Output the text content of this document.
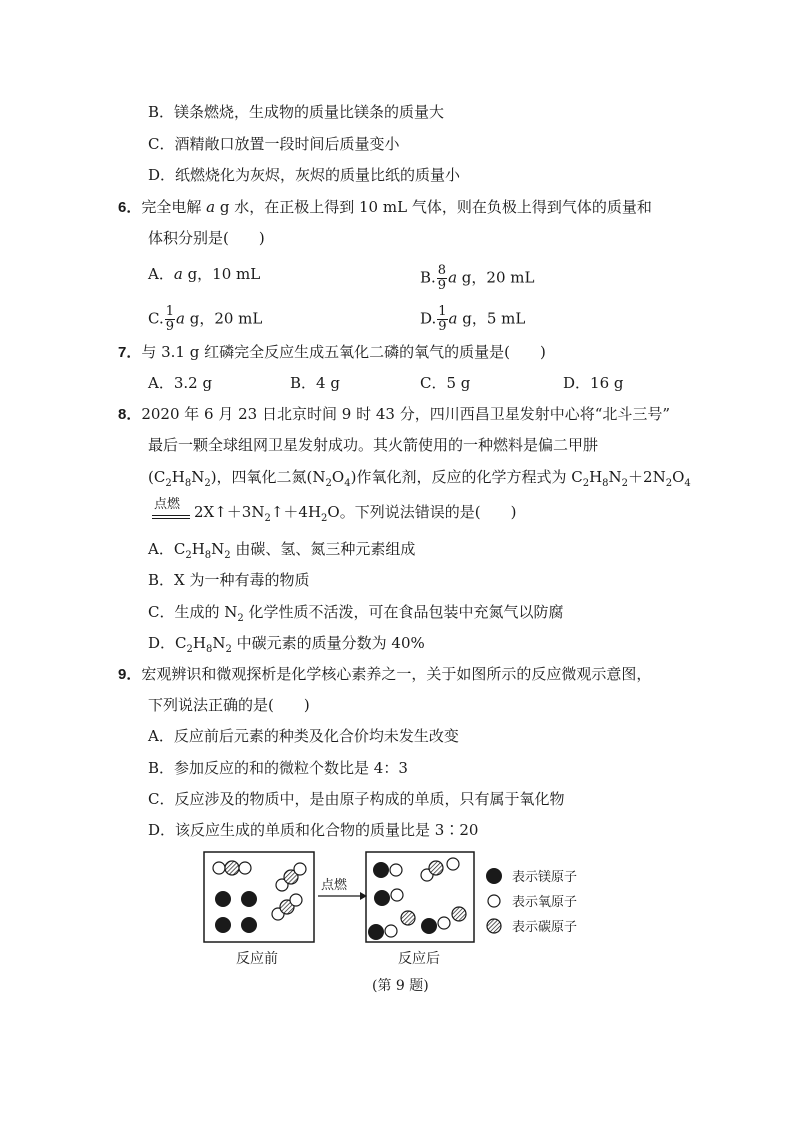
B．镁条燃烧，生成物的质量比镁条的质量大
C．酒精敞口放置一段时间后质量变小
D．纸燃烧化为灰烬，灰烬的质量比纸的质量小
6．完全电解 a g 水，在正极上得到 10 mL 气体，则在负极上得到气体的质量和
体积分别是(　　)
A．a g，10 mL	B. $\frac{8}{9}$ a g，20 mL
C. $\frac{1}{9}$ a g，20 mL	D. $\frac{1}{9}$ a g，5 mL
7．与 3.1 g 红磷完全反应生成五氧化二磷的氧气的质量是(　　)
A．3.2 g	B．4 g	C．5 g	D．16 g
8．2020 年 6 月 23 日北京时间 9 时 43 分，四川西昌卫星发射中心将“北斗三号”
最后一颗全球组网卫星发射成功。其火箭使用的一种燃料是偏二甲肼
$(C_2H_8N_2)$，四氧化二氮$(N_2O_4)$作氧化剂，反应的化学方程式为 $C_2H_8N_2+2N_2O_4$
点燃 $2X↑+3N_2↑+4H_2O$。下列说法错误的是(　　)
A．$C_2H_8N_2$ 由碳、氢、氮三种元素组成
B．X 为一种有毒的物质
C．生成的 $N_2$ 化学性质不活泼，可在食品包装中充氮气以防腐
D．$C_2H_8N_2$ 中碳元素的质量分数为 40%
9．宏观辨识和微观探析是化学核心素养之一，关于如图所示的反应微观示意图，
下列说法正确的是(　　)
A．反应前后元素的种类及化合价均未发生改变
B．参加反应的和的微粒个数比是 4：3
C．反应涉及的物质中，是由原子构成的单质，只有属于氧化物
D．该反应生成的单质和化合物的质量比是 3∶20
点燃
表示镁原子
表示氧原子
表示碳原子
反应前	反应后
(第 9 题)
